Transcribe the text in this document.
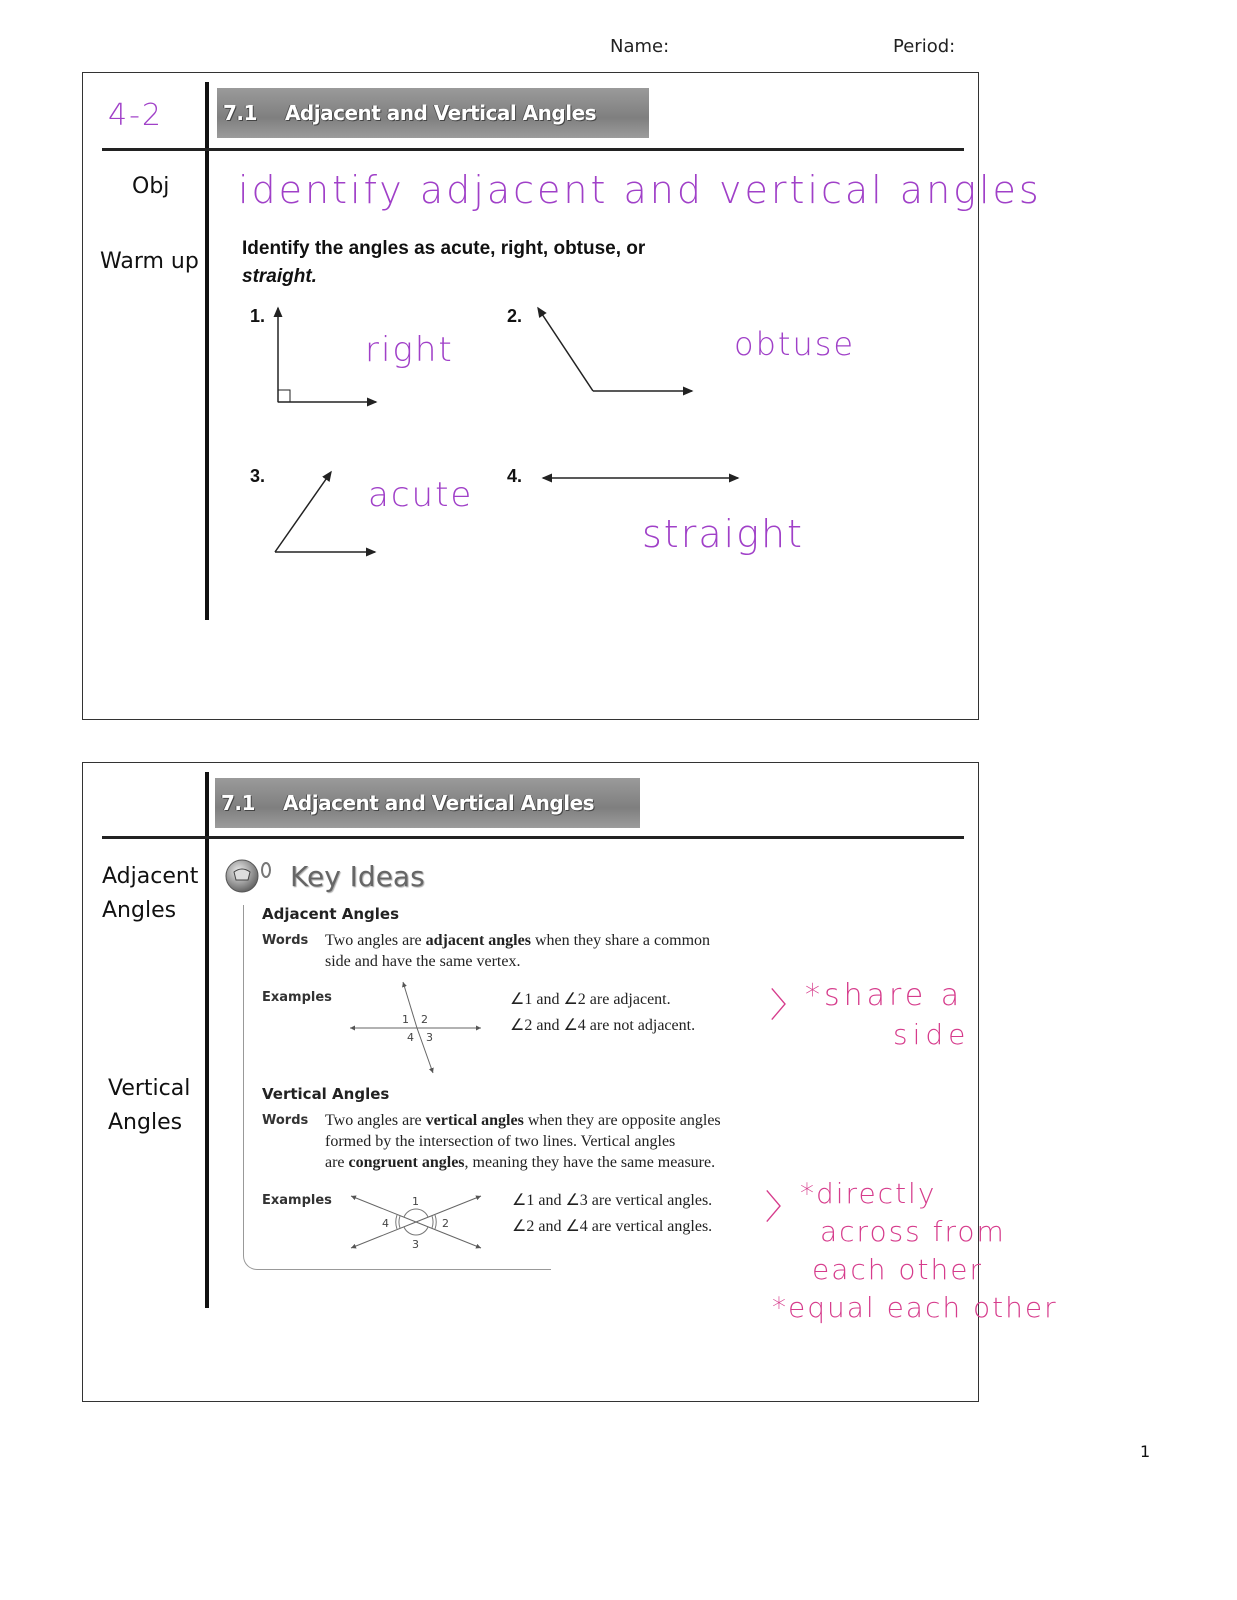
Name:	Period:
4-2	7.1 Adjacent and Vertical Angles
Obj identify adjacent and vertical angles
Warm up
Identify the angles as acute, right, obtuse, or
straight.
1.
right
2.
obtuse
3.	acute 4.
straight
7.1 Adjacent and Vertical Angles
Adjacent
Angles
Vertical
Angles
Key Ideas
Adjacent Angles
Words Two angles are adjacent angles when they share a common
side and have the same vertex.
Examples
1 2
4 3
∠1 and ∠2 are adjacent.
∠2 and ∠4 are not adjacent. 〉 *share a
side
Vertical Angles
Words Two angles are vertical angles when they are opposite angles
formed by the intersection of two lines. Vertical angles
are congruent angles, meaning they have the same measure.
Examples	1
2
3
4
∠1 and ∠3 are vertical angles.
∠2 and ∠4 are vertical angles. 〉 *directly
across from
each other
*equal each other
1
